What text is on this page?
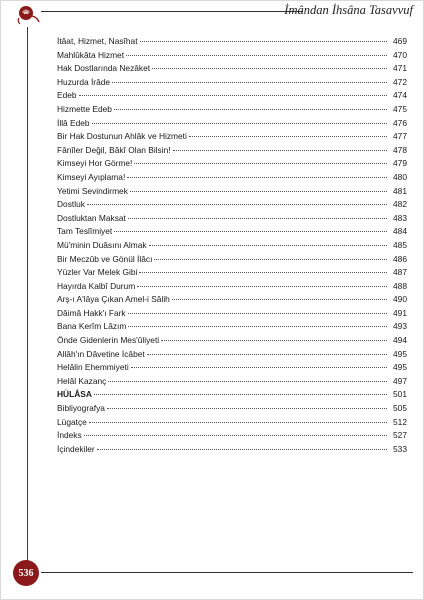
İmândan İhsâna Tasavvuf
İtâat, Hizmet, Nasîhat	469
Mahlûkâta Hizmet	470
Hak Dostlarında Nezâket	471
Huzurda İrâde	472
Edeb	474
Hizmette Edeb	475
İllâ Edeb	476
Bir Hak Dostunun Ahlâk ve Hizmeti	477
Fânîler Değil, Bâkî Olan Bilsin!	478
Kimseyi Hor Görme!	479
Kimseyi Ayıplama!	480
Yetimi Sevindirmek	481
Dostluk	482
Dostluktan Maksat	483
Tam Teslîmiyet	484
Mü'minin Duâsını Almak	485
Bir Meczûb ve Gönül İlâcı	486
Yüzler Var Melek Gibi	487
Hayırda Kalbî Durum	488
Arş-ı A'lâya Çıkan Amel-i Sâlih	490
Dâimâ Hakk'ı Fark	491
Bana Kerîm Lâzım	493
Önde Gidenlerin Mes'ûliyeti	494
Allâh'ın Dâvetine İcâbet	495
Helâlin Ehemmiyeti	495
Helâl Kazanç	497
HÜLÂSA	501
Bibliyografya	505
Lügatçe	512
İndeks	527
İçindekiler	533
536
